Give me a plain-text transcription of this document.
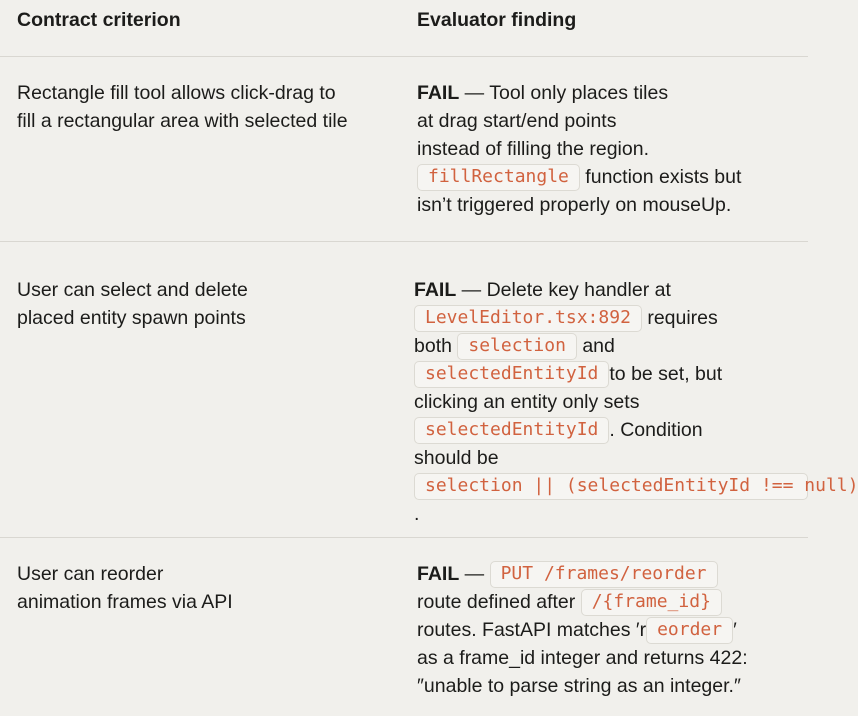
Contract criterion	Evaluator finding
Rectangle fill tool allows click-drag to
fill a rectangular area with selected tile
FAIL — Tool only places tiles
at drag start/end points
instead of filling the region.
fillRectangle function exists but
isn’t triggered properly on mouseUp.
User can select and delete
placed entity spawn points
FAIL — Delete key handler at
LevelEditor.tsx:892 requires
both selection and
selectedEntityIdto be set, but
clicking an entity only sets
selectedEntityId . Condition
should be
selection || (selectedEntityId !== null)
.
User can reorder
animation frames via API
FAIL — PUT /frames/reorder
route defined after /{frame_id}
routes. FastAPI matches ′r eorder ′
as a frame_id integer and returns 422:
″unable to parse string as an integer.″
